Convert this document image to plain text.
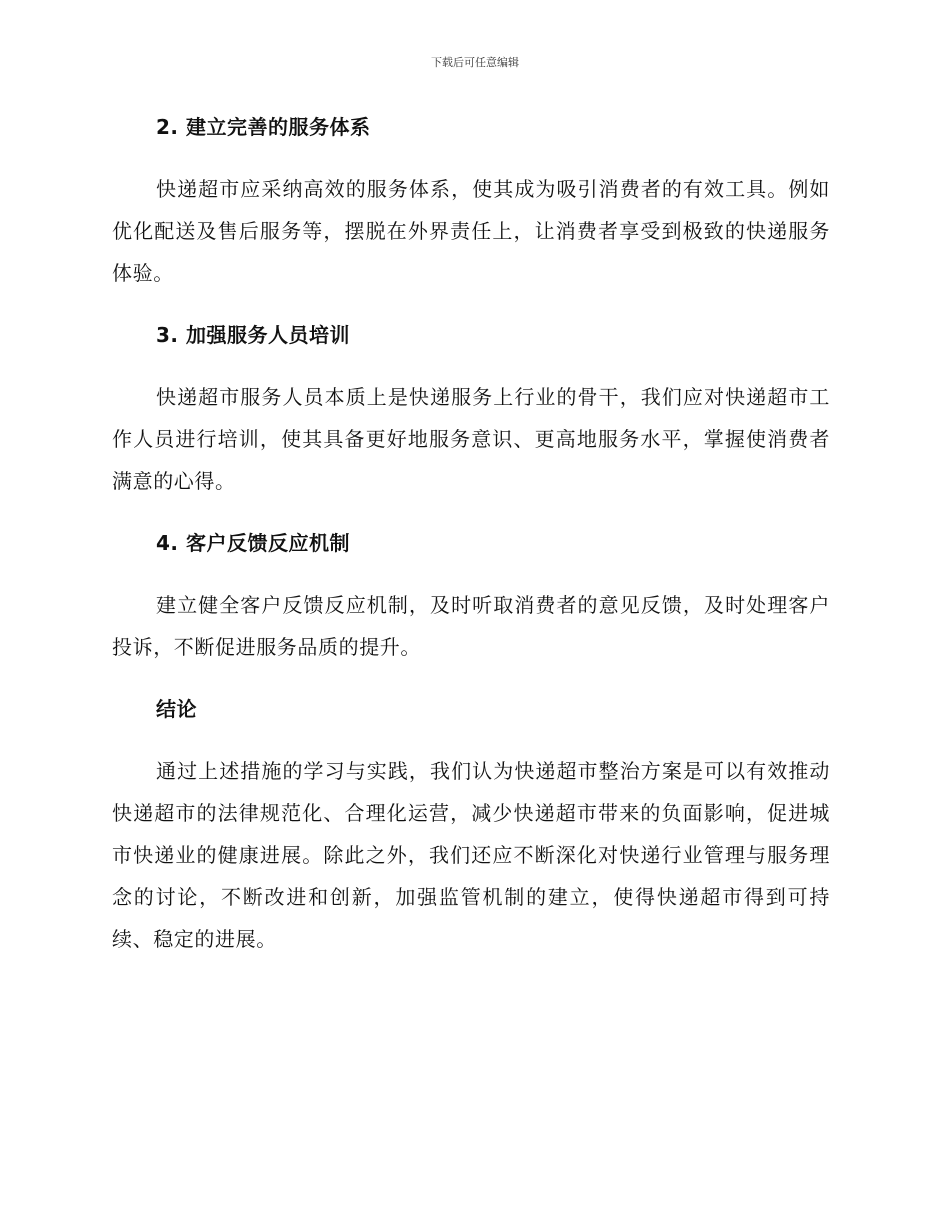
下载后可任意编辑
2. 建立完善的服务体系

快递超市应采纳高效的服务体系，使其成为吸引消费者的有效工具。例如优化配送及售后服务等，摆脱在外界责任上，让消费者享受到极致的快递服务体验。

3. 加强服务人员培训

快递超市服务人员本质上是快递服务上行业的骨干，我们应对快递超市工作人员进行培训，使其具备更好地服务意识、更高地服务水平，掌握使消费者满意的心得。

4. 客户反馈反应机制

建立健全客户反馈反应机制，及时听取消费者的意见反馈，及时处理客户投诉，不断促进服务品质的提升。

结论

通过上述措施的学习与实践，我们认为快递超市整治方案是可以有效推动快递超市的法律规范化、合理化运营，减少快递超市带来的负面影响，促进城市快递业的健康进展。除此之外，我们还应不断深化对快递行业管理与服务理念的讨论，不断改进和创新，加强监管机制的建立，使得快递超市得到可持续、稳定的进展。
